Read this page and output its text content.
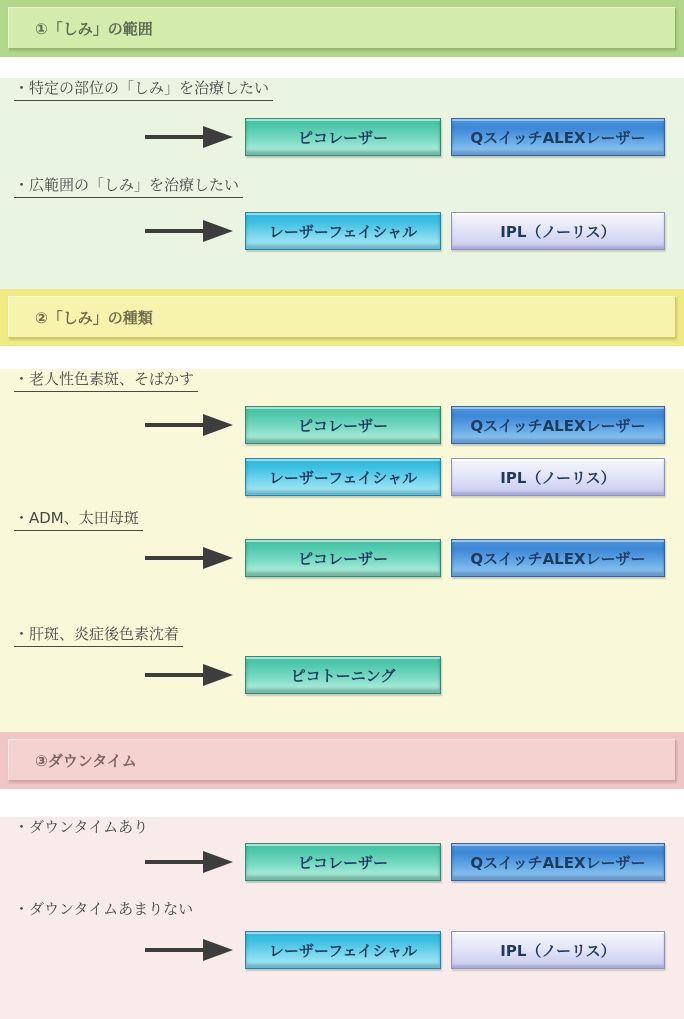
①「しみ」の範囲
・特定の部位の「しみ」を治療したい
ピコレーザー	QスイッチALEXレーザー
・広範囲の「しみ」を治療したい
レーザーフェイシャル	IPL（ノーリス）
②「しみ」の種類
・老人性色素斑、そばかす
ピコレーザー	QスイッチALEXレーザー
レーザーフェイシャル	IPL（ノーリス）
・ADM、太田母斑
ピコレーザー	QスイッチALEXレーザー
・肝斑、炎症後色素沈着
ピコトーニング
③ダウンタイム
・ダウンタイムあり
ピコレーザー	QスイッチALEXレーザー
・ダウンタイムあまりない
レーザーフェイシャル	IPL（ノーリス）
